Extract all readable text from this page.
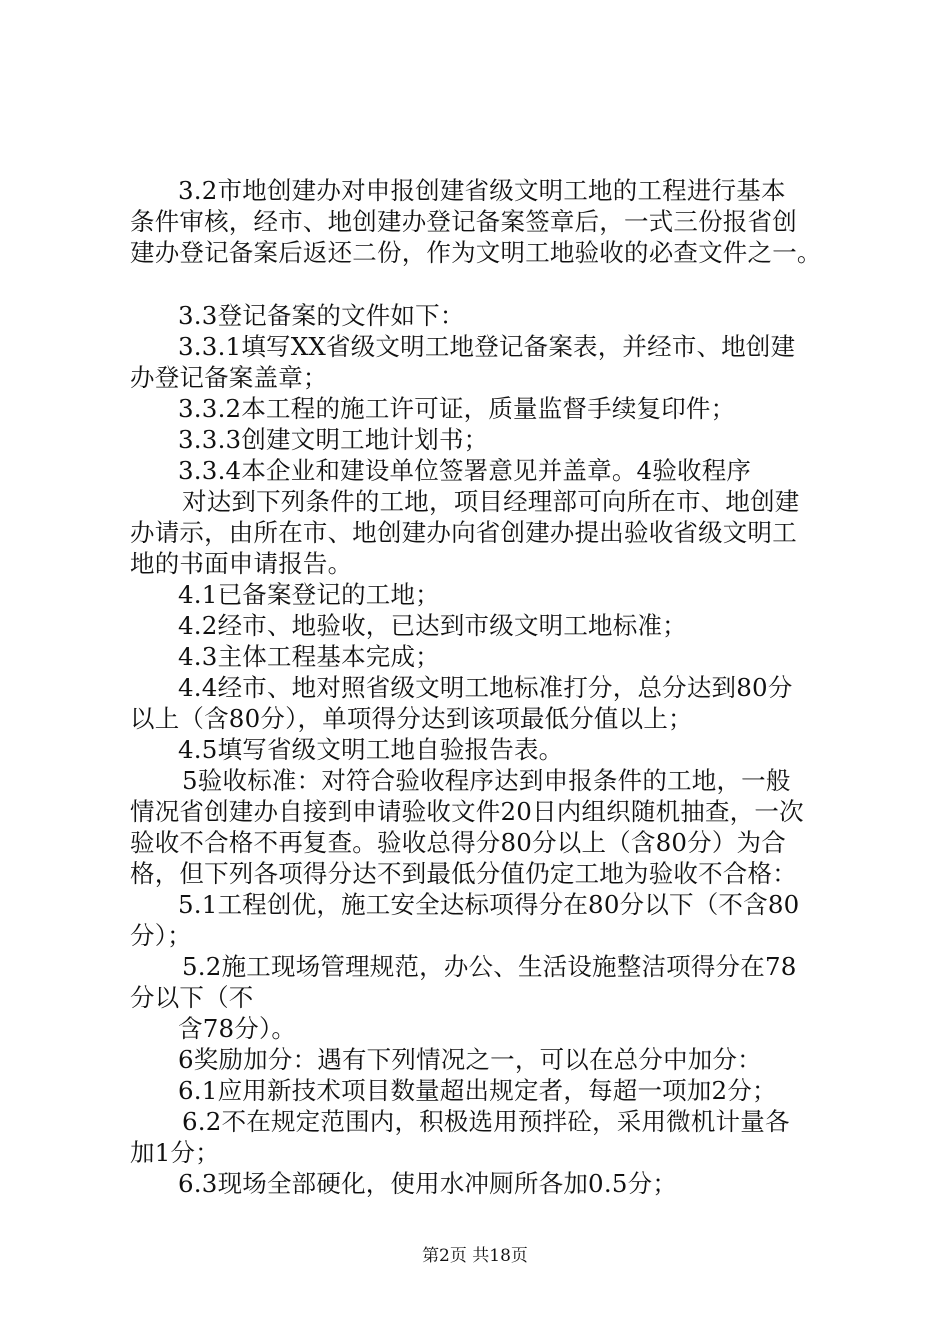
3.2市地创建办对申报创建省级文明工地的工程进行基本
条件审核，经市、地创建办登记备案签章后，一式三份报省创
建办登记备案后返还二份，作为文明工地验收的必查文件之一。
3.3登记备案的文件如下：
3.3.1填写XX省级文明工地登记备案表，并经市、地创建
办登记备案盖章；
3.3.2本工程的施工许可证，质量监督手续复印件；
3.3.3创建文明工地计划书；
3.3.4本企业和建设单位签署意见并盖章。4验收程序
对达到下列条件的工地，项目经理部可向所在市、地创建
办请示，由所在市、地创建办向省创建办提出验收省级文明工
地的书面申请报告。
4.1已备案登记的工地；
4.2经市、地验收，已达到市级文明工地标准；
4.3主体工程基本完成；
4.4经市、地对照省级文明工地标准打分，总分达到80分
以上（含80分），单项得分达到该项最低分值以上；
4.5填写省级文明工地自验报告表。
5验收标准：对符合验收程序达到申报条件的工地，一般
情况省创建办自接到申请验收文件20日内组织随机抽查，一次
验收不合格不再复查。验收总得分80分以上（含80分）为合
格，但下列各项得分达不到最低分值仍定工地为验收不合格：
5.1工程创优，施工安全达标项得分在80分以下（不含80
分）；
5.2施工现场管理规范，办公、生活设施整洁项得分在78
分以下（不
含78分）。
6奖励加分：遇有下列情况之一，可以在总分中加分：
6.1应用新技术项目数量超出规定者，每超一项加2分；
6.2不在规定范围内，积极选用预拌砼，采用微机计量各
加1分；
6.3现场全部硬化，使用水冲厕所各加0.5分；
第2页 共18页
